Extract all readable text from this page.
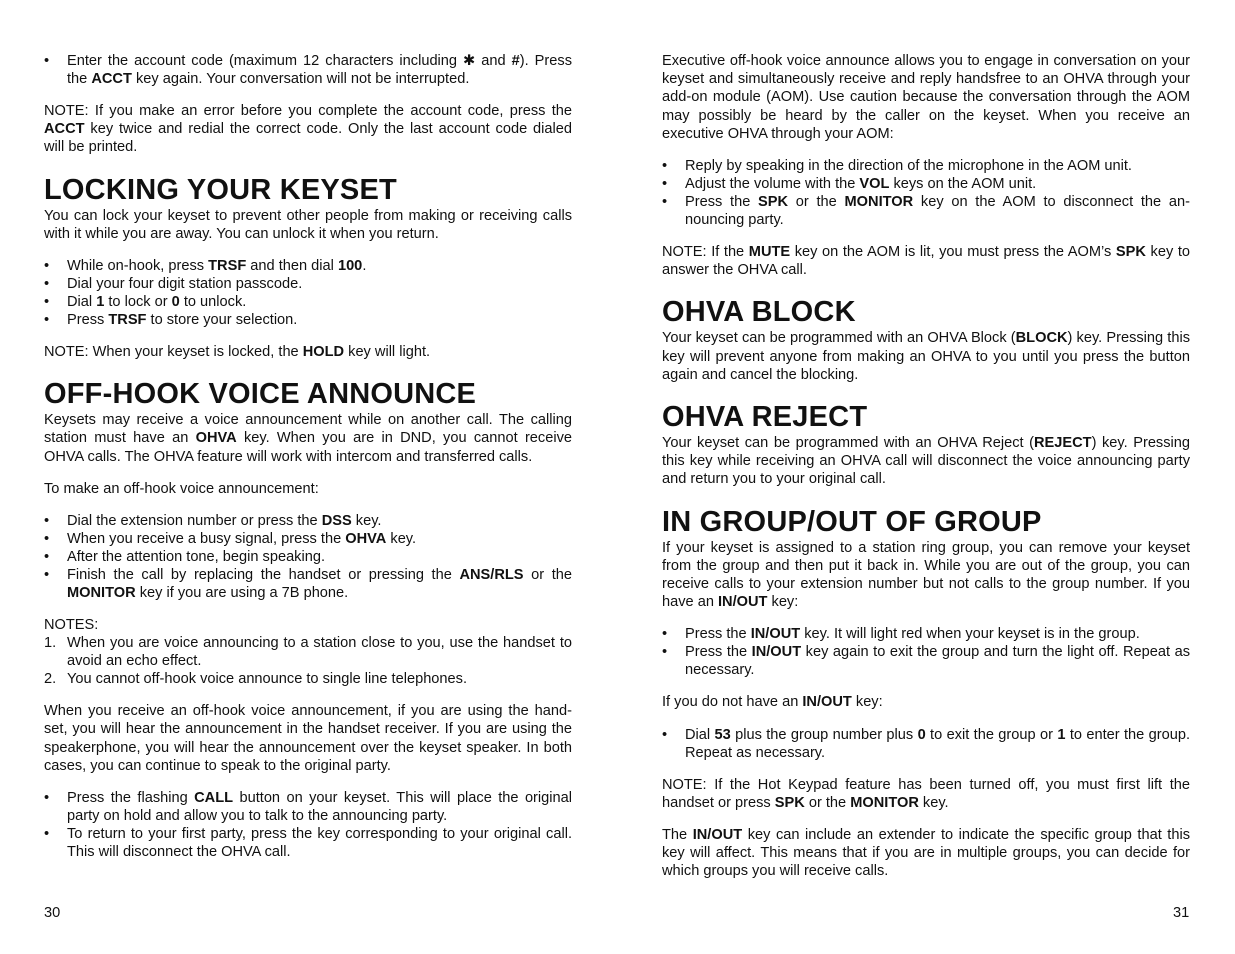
• Enter the account code (maximum 12 characters including ✱ and #). Press the ACCT key again. Your conversation will not be interrupted.

NOTE: If you make an error before you complete the account code, press the ACCT key twice and redial the correct code. Only the last account code dialed will be printed.

LOCKING YOUR KEYSET

You can lock your keyset to prevent other people from making or receiving calls with it while you are away. You can unlock it when you return.

• While on-hook, press TRSF and then dial 100.
• Dial your four digit station passcode.
• Dial 1 to lock or 0 to unlock.
• Press TRSF to store your selection.

NOTE: When your keyset is locked, the HOLD key will light.

OFF-HOOK VOICE ANNOUNCE

Keysets may receive a voice announcement while on another call. The calling station must have an OHVA key. When you are in DND, you cannot receive OHVA calls. The OHVA feature will work with intercom and transferred calls.

To make an off-hook voice announcement:

• Dial the extension number or press the DSS key.
• When you receive a busy signal, press the OHVA key.
• After the attention tone, begin speaking.
• Finish the call by replacing the handset or pressing the ANS/RLS or the MONITOR key if you are using a 7B phone.

NOTES:

1. When you are voice announcing to a station close to you, use the handset to avoid an echo effect.
2. You cannot off-hook voice announce to single line telephones.

When you receive an off-hook voice announcement, if you are using the hand-set, you will hear the announcement in the handset receiver. If you are using the speakerphone, you will hear the announcement over the keyset speaker. In both cases, you can continue to speak to the original party.

• Press the flashing CALL button on your keyset. This will place the original party on hold and allow you to talk to the announcing party.
• To return to your first party, press the key corresponding to your original call. This will disconnect the OHVA call.

Executive off-hook voice announce allows you to engage in conversation on your keyset and simultaneously receive and reply handsfree to an OHVA through your add-on module (AOM). Use caution because the conversation through the AOM may possibly be heard by the caller on the keyset. When you receive an executive OHVA through your AOM:

• Reply by speaking in the direction of the microphone in the AOM unit.
• Adjust the volume with the VOL keys on the AOM unit.
• Press the SPK or the MONITOR key on the AOM to disconnect the an-nouncing party.

NOTE: If the MUTE key on the AOM is lit, you must press the AOM’s SPK key to answer the OHVA call.

OHVA BLOCK

Your keyset can be programmed with an OHVA Block (BLOCK) key. Pressing this key will prevent anyone from making an OHVA to you until you press the button again and cancel the blocking.

OHVA REJECT

Your keyset can be programmed with an OHVA Reject (REJECT) key. Pressing this key while receiving an OHVA call will disconnect the voice announcing party and return you to your original call.

IN GROUP/OUT OF GROUP

If your keyset is assigned to a station ring group, you can remove your keyset from the group and then put it back in. While you are out of the group, you can receive calls to your extension number but not calls to the group number. If you have an IN/OUT key:

• Press the IN/OUT key. It will light red when your keyset is in the group.
• Press the IN/OUT key again to exit the group and turn the light off. Repeat as necessary.

If you do not have an IN/OUT key:

• Dial 53 plus the group number plus 0 to exit the group or 1 to enter the group. Repeat as necessary.

NOTE: If the Hot Keypad feature has been turned off, you must first lift the handset or press SPK or the MONITOR key.

The IN/OUT key can include an extender to indicate the specific group that this key will affect. This means that if you are in multiple groups, you can decide for which groups you will receive calls.

30	31
